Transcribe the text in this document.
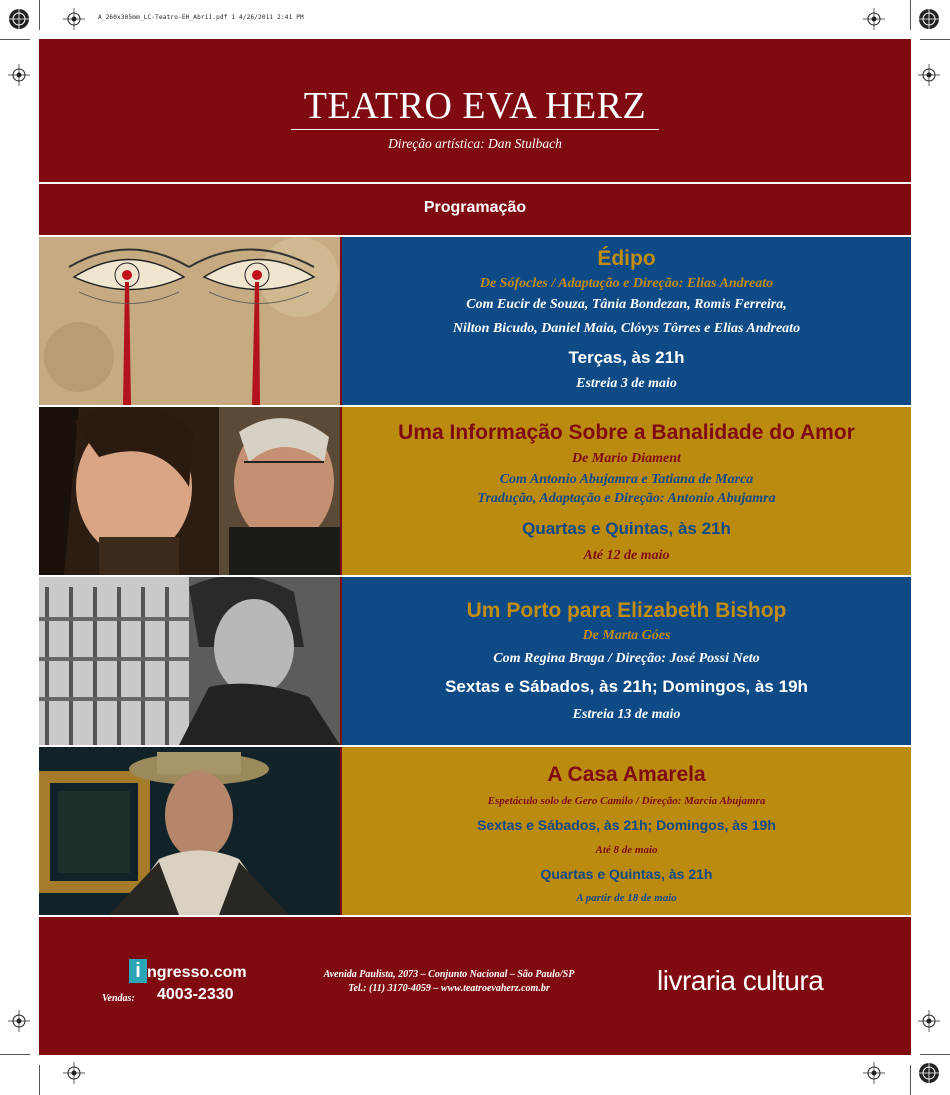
A_260x305mm_LC-Teatro-EH_Abr11.pdf 1 4/26/2011 2:41 PM
TEATRO EVA HERZ
Direção artística: Dan Stulbach
Programação
Édipo
De Sófocles / Adaptação e Direção: Elias Andreato
Com Eucir de Souza, Tânia Bondezan, Romis Ferreira,
Nilton Bicudo, Daniel Maia, Clóvys Tôrres e Elias Andreato
Terças, às 21h
Estreia 3 de maio
Uma Informação Sobre a Banalidade do Amor
De Mario Diament
Com Antonio Abujamra e Tatiana de Marca
Tradução, Adaptação e Direção: Antonio Abujamra
Quartas e Quintas, às 21h
Até 12 de maio
Um Porto para Elizabeth Bishop
De Marta Góes
Com Regina Braga / Direção: José Possi Neto
Sextas e Sábados, às 21h; Domingos, às 19h
Estreia 13 de maio
A Casa Amarela
Espetáculo solo de Gero Camilo / Direção: Marcia Abujamra
Sextas e Sábados, às 21h; Domingos, às 19h
Até 8 de maio
Quartas e Quintas, às 21h
A partir de 18 de maio
i ngresso.com
Vendas: 4003-2330
Avenida Paulista, 2073 – Conjunto Nacional – São Paulo/SP
Tel.: (11) 3170-4059 – www.teatroevaherz.com.br	livraria cultura
